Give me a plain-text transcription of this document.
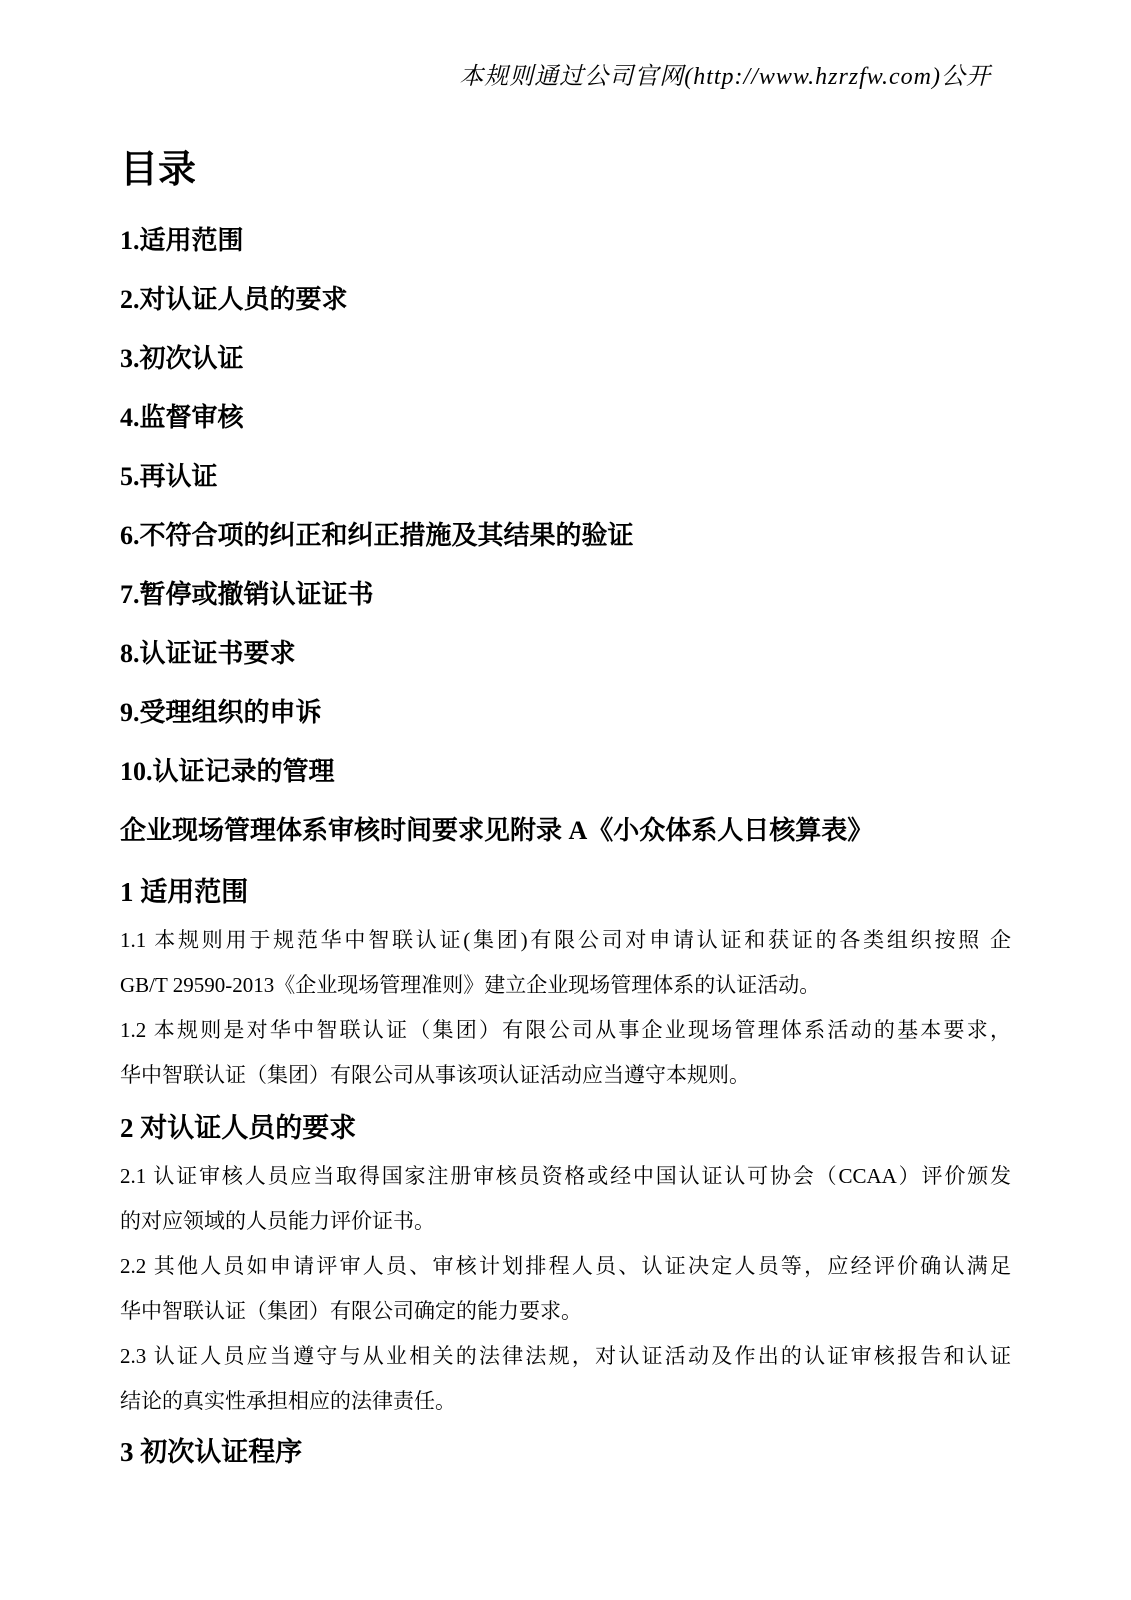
本规则通过公司官网(http://www.hzrzfw.com)公开
目录
1.适用范围
2.对认证人员的要求
3.初次认证
4.监督审核
5.再认证
6.不符合项的纠正和纠正措施及其结果的验证
7.暂停或撤销认证证书
8.认证证书要求
9.受理组织的申诉
10.认证记录的管理
企业现场管理体系审核时间要求见附录 A《小众体系人日核算表》
1 适用范围
1.1 本规则用于规范华中智联认证(集团)有限公司对申请认证和获证的各类组织按照 企
GB/T 29590-2013《企业现场管理准则》建立企业现场管理体系的认证活动。
1.2 本规则是对华中智联认证（集团）有限公司从事企业现场管理体系活动的基本要求，
华中智联认证（集团）有限公司从事该项认证活动应当遵守本规则。
2 对认证人员的要求
2.1 认证审核人员应当取得国家注册审核员资格或经中国认证认可协会（CCAA）评价颁发
的对应领域的人员能力评价证书。
2.2 其他人员如申请评审人员、审核计划排程人员、认证决定人员等，应经评价确认满足
华中智联认证（集团）有限公司确定的能力要求。
2.3 认证人员应当遵守与从业相关的法律法规，对认证活动及作出的认证审核报告和认证
结论的真实性承担相应的法律责任。
3 初次认证程序
